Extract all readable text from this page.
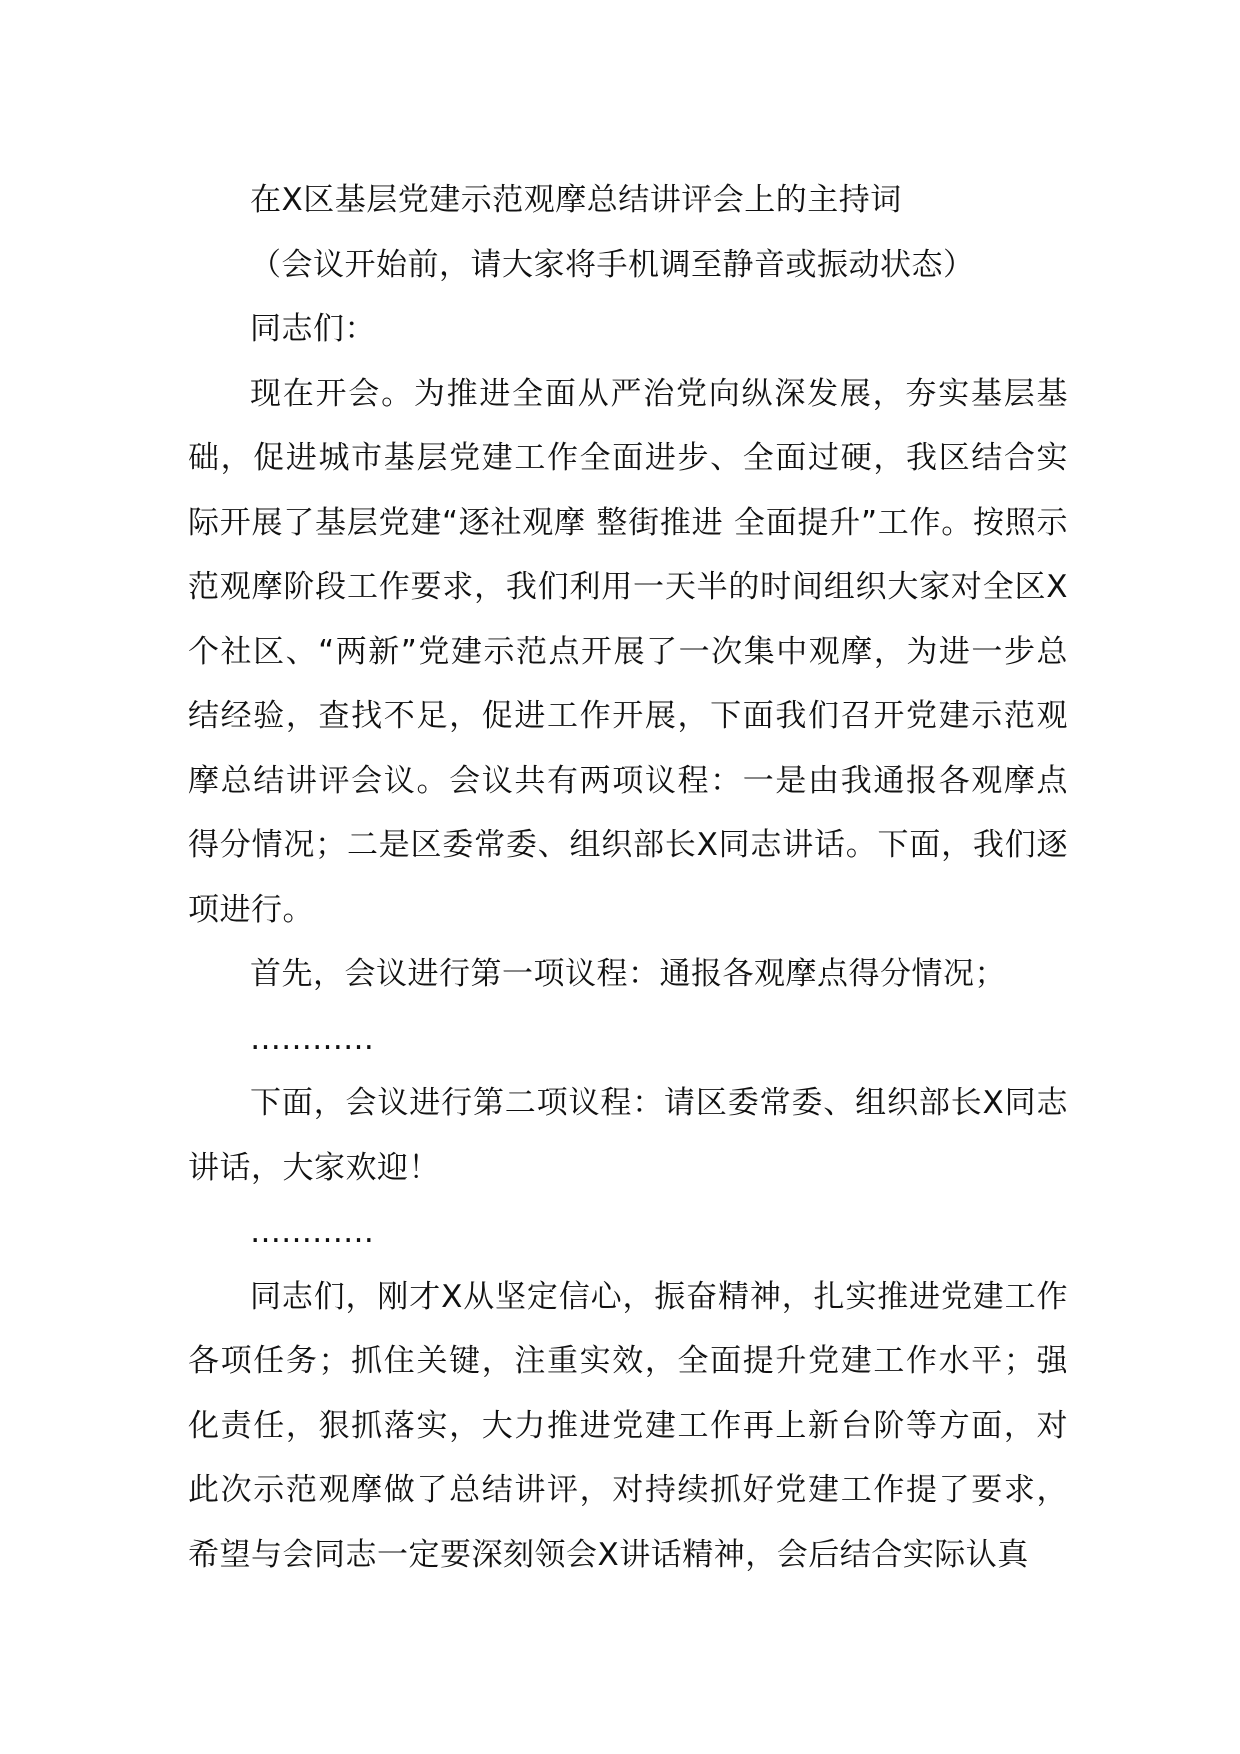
在X区基层党建示范观摩总结讲评会上的主持词

（会议开始前，请大家将手机调至静音或振动状态）

同志们：

现在开会。为推进全面从严治党向纵深发展，夯实基层基础，促进城市基层党建工作全面进步、全面过硬，我区结合实际开展了基层党建“逐社观摩 整街推进 全面提升”工作。按照示范观摩阶段工作要求，我们利用一天半的时间组织大家对全区X个社区、“两新”党建示范点开展了一次集中观摩，为进一步总结经验，查找不足，促进工作开展，下面我们召开党建示范观摩总结讲评会议。会议共有两项议程：一是由我通报各观摩点得分情况；二是区委常委、组织部长X同志讲话。下面，我们逐项进行。

首先，会议进行第一项议程：通报各观摩点得分情况；

…………

下面，会议进行第二项议程：请区委常委、组织部长X同志讲话，大家欢迎！

…………

同志们，刚才X从坚定信心，振奋精神，扎实推进党建工作各项任务；抓住关键，注重实效，全面提升党建工作水平；强化责任，狠抓落实，大力推进党建工作再上新台阶等方面，对此次示范观摩做了总结讲评，对持续抓好党建工作提了要求，希望与会同志一定要深刻领会X讲话精神，会后结合实际认真
